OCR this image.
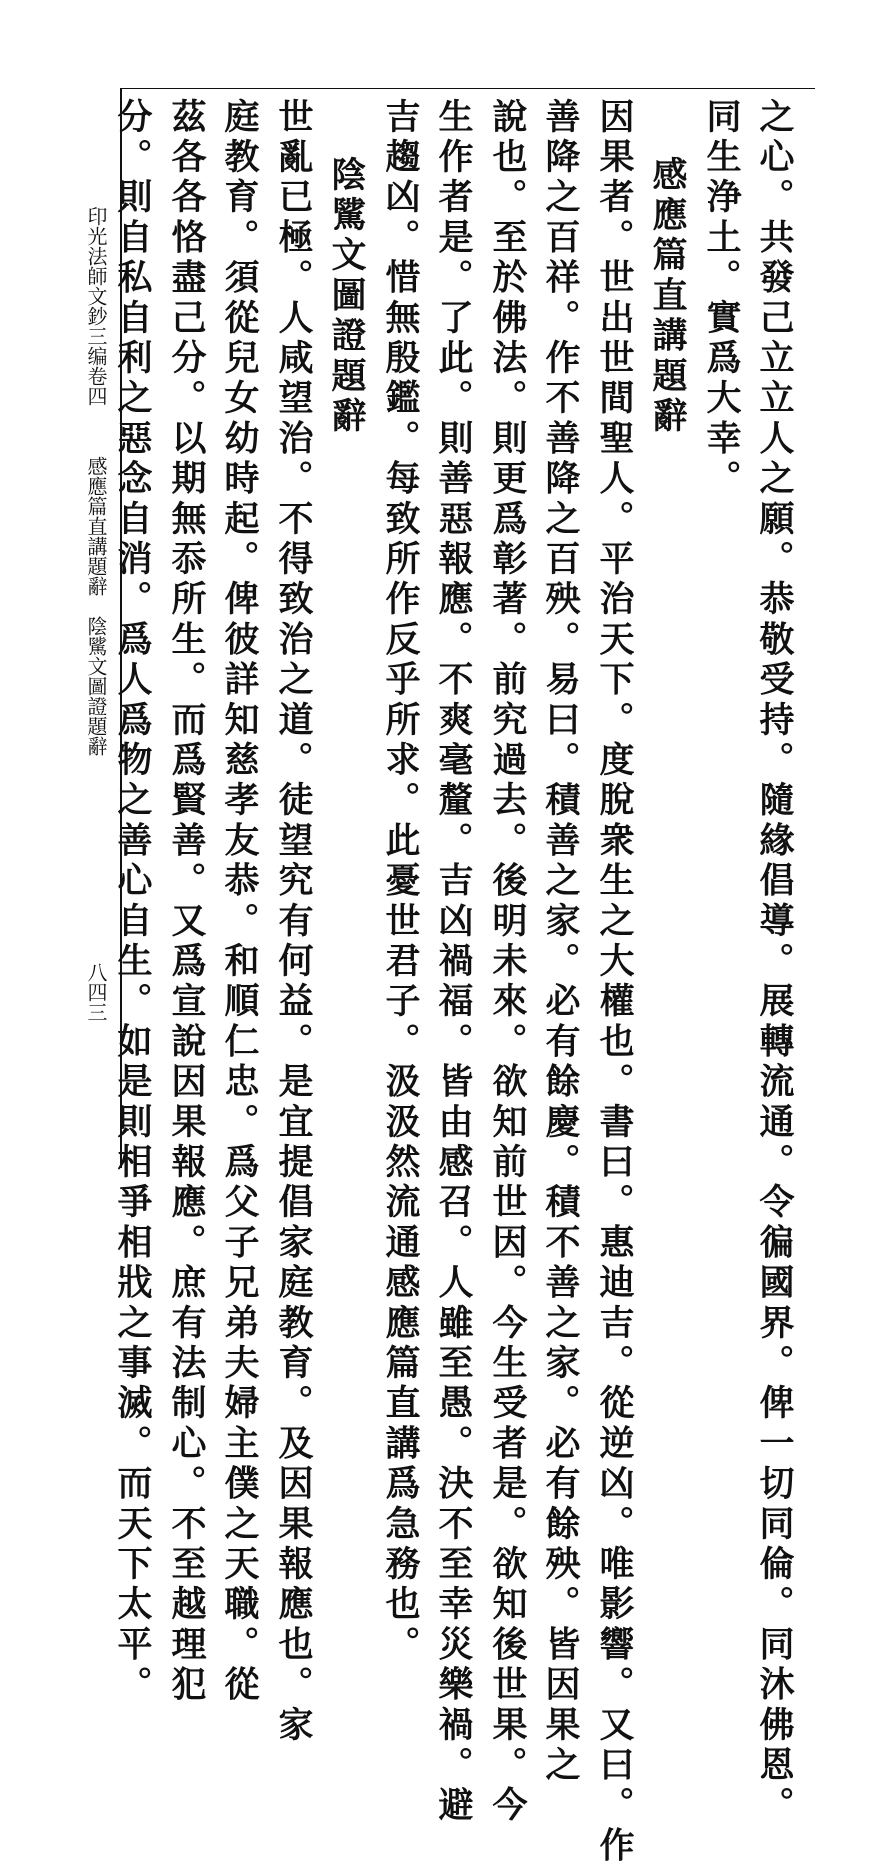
印光法師文鈔三编卷四 感應篇直講題辭　陰騭文圖證題辭
八四三	之心。共發己立立人之願。恭敬受持。隨緣倡導。展轉流通。令徧國界。俾一切同倫。同沐佛恩。
同生浄土。實爲大幸。
感應篇直講題辭
因果者。世出世間聖人。平治天下。度脫衆生之大權也。書曰。惠迪吉。從逆凶。唯影響。又曰。作
善降之百祥。作不善降之百殃。易曰。積善之家。必有餘慶。積不善之家。必有餘殃。皆因果之
說也。至於佛法。則更爲彰著。前究過去。後明未來。欲知前世因。今生受者是。欲知後世果。今
生作者是。了此。則善惡報應。不爽毫釐。吉凶禍福。皆由感召。人雖至愚。決不至幸災樂禍。避
吉趨凶。惜無殷鑑。每致所作反乎所求。此憂世君子。汲汲然流通感應篇直講爲急務也。
陰騭文圖證題辭
世亂已極。人咸望治。不得致治之道。徒望究有何益。是宜提倡家庭教育。及因果報應也。家
庭教育。須從兒女幼時起。俾彼詳知慈孝友恭。和順仁忠。爲父子兄弟夫婦主僕之天職。從
茲各各恪盡己分。以期無忝所生。而爲賢善。又爲宣說因果報應。庶有法制心。不至越理犯
分。則自私自利之惡念自消。爲人爲物之善心自生。如是則相爭相戕之事滅。而天下太平。
